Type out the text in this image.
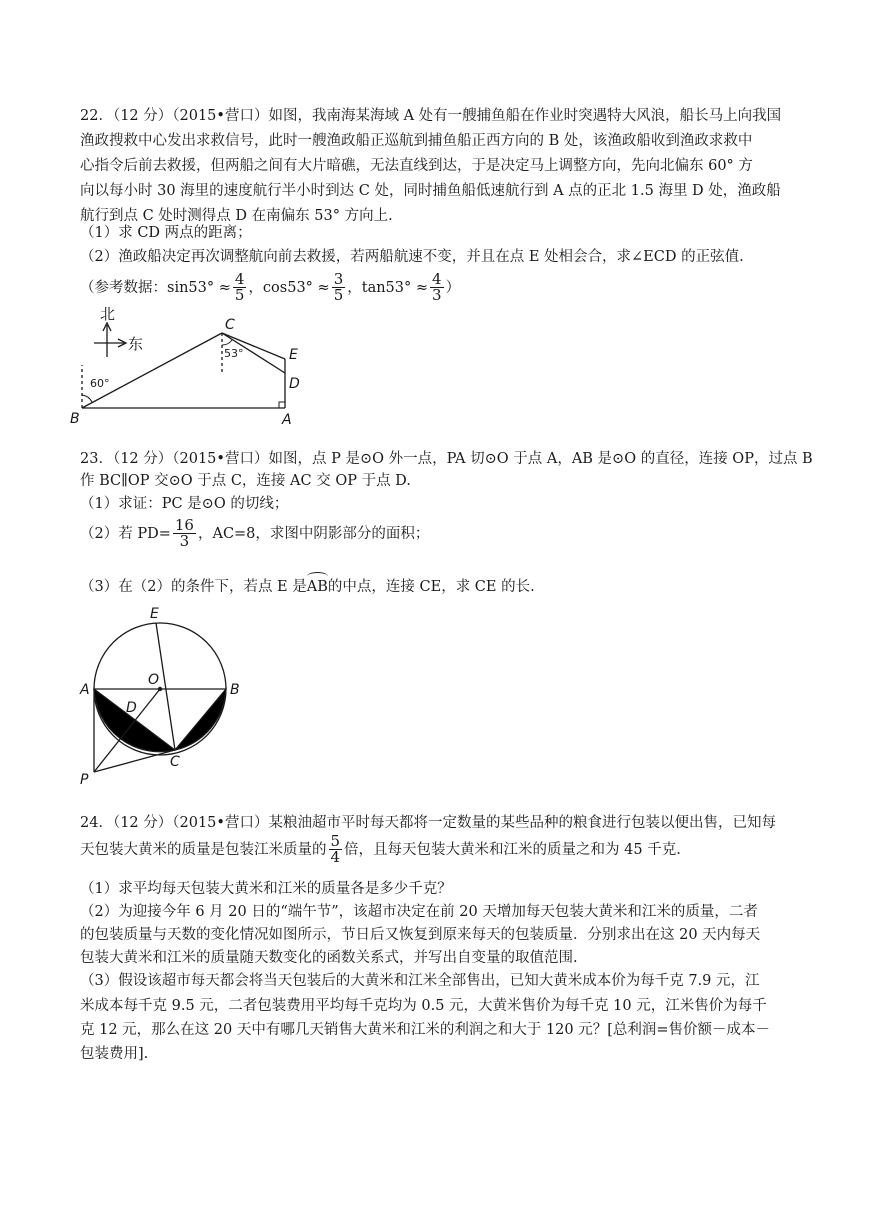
22．（12 分）（2015•营口）如图，我南海某海域 A 处有一艘捕鱼船在作业时突遇特大风浪，船长马上向我国
渔政搜救中心发出求救信号，此时一艘渔政船正巡航到捕鱼船正西方向的 B 处，该渔政船收到渔政求救中
心指令后前去救援，但两船之间有大片暗礁，无法直线到达，于是决定马上调整方向，先向北偏东 60° 方
向以每小时 30 海里的速度航行半小时到达 C 处，同时捕鱼船低速航行到 A 点的正北 1.5 海里 D 处，渔政船
航行到点 C 处时测得点 D 在南偏东 53° 方向上.
（1）求 CD 两点的距离；
（2）渔政船决定再次调整航向前去救援，若两船航速不变，并且在点 E 处相会合，求∠ECD 的正弦值.
（参考数据：$\sin 53^\circ \approx \frac{4}{5}$ ，$\cos 53^\circ \approx \frac{3}{5}$ ，$\tan 53^\circ \approx \frac{4}{3}$ ）
北
东
60°
53°
B	A
C
D
E
23．（12 分）（2015•营口）如图，点 P 是⊙O 外一点，PA 切⊙O 于点 A，AB 是⊙O 的直径，连接 OP，过点 B
作 BC∥OP 交⊙O 于点 C，连接 AC 交 OP 于点 D.
（1）求证：PC 是⊙O 的切线；
（2）若 $PD= \frac{16}{3}$ ，AC=8，求图中阴影部分的面积；
（3）在（2）的条件下，若点 E 是AB的中点，连接 CE，求 CE 的长.
E
A	B
O
D
C
P
24．（12 分）（2015•营口）某粮油超市平时每天都将一定数量的某些品种的粮食进行包装以便出售，已知每
天包装大黄米的质量是包装江米质量的 $\frac{5}{4}$ 倍，且每天包装大黄米和江米的质量之和为 45 千克.
（1）求平均每天包装大黄米和江米的质量各是多少千克？
（2）为迎接今年 6 月 20 日的“端午节”，该超市决定在前 20 天增加每天包装大黄米和江米的质量，二者
的包装质量与天数的变化情况如图所示，节日后又恢复到原来每天的包装质量．分别求出在这 20 天内每天
包装大黄米和江米的质量随天数变化的函数关系式，并写出自变量的取值范围.
（3）假设该超市每天都会将当天包装后的大黄米和江米全部售出，已知大黄米成本价为每千克 7.9 元，江
米成本每千克 9.5 元，二者包装费用平均每千克均为 0.5 元，大黄米售价为每千克 10 元，江米售价为每千
克 12 元，那么在这 20 天中有哪几天销售大黄米和江米的利润之和大于 120 元？[总利润=售价额－成本－
包装费用].
